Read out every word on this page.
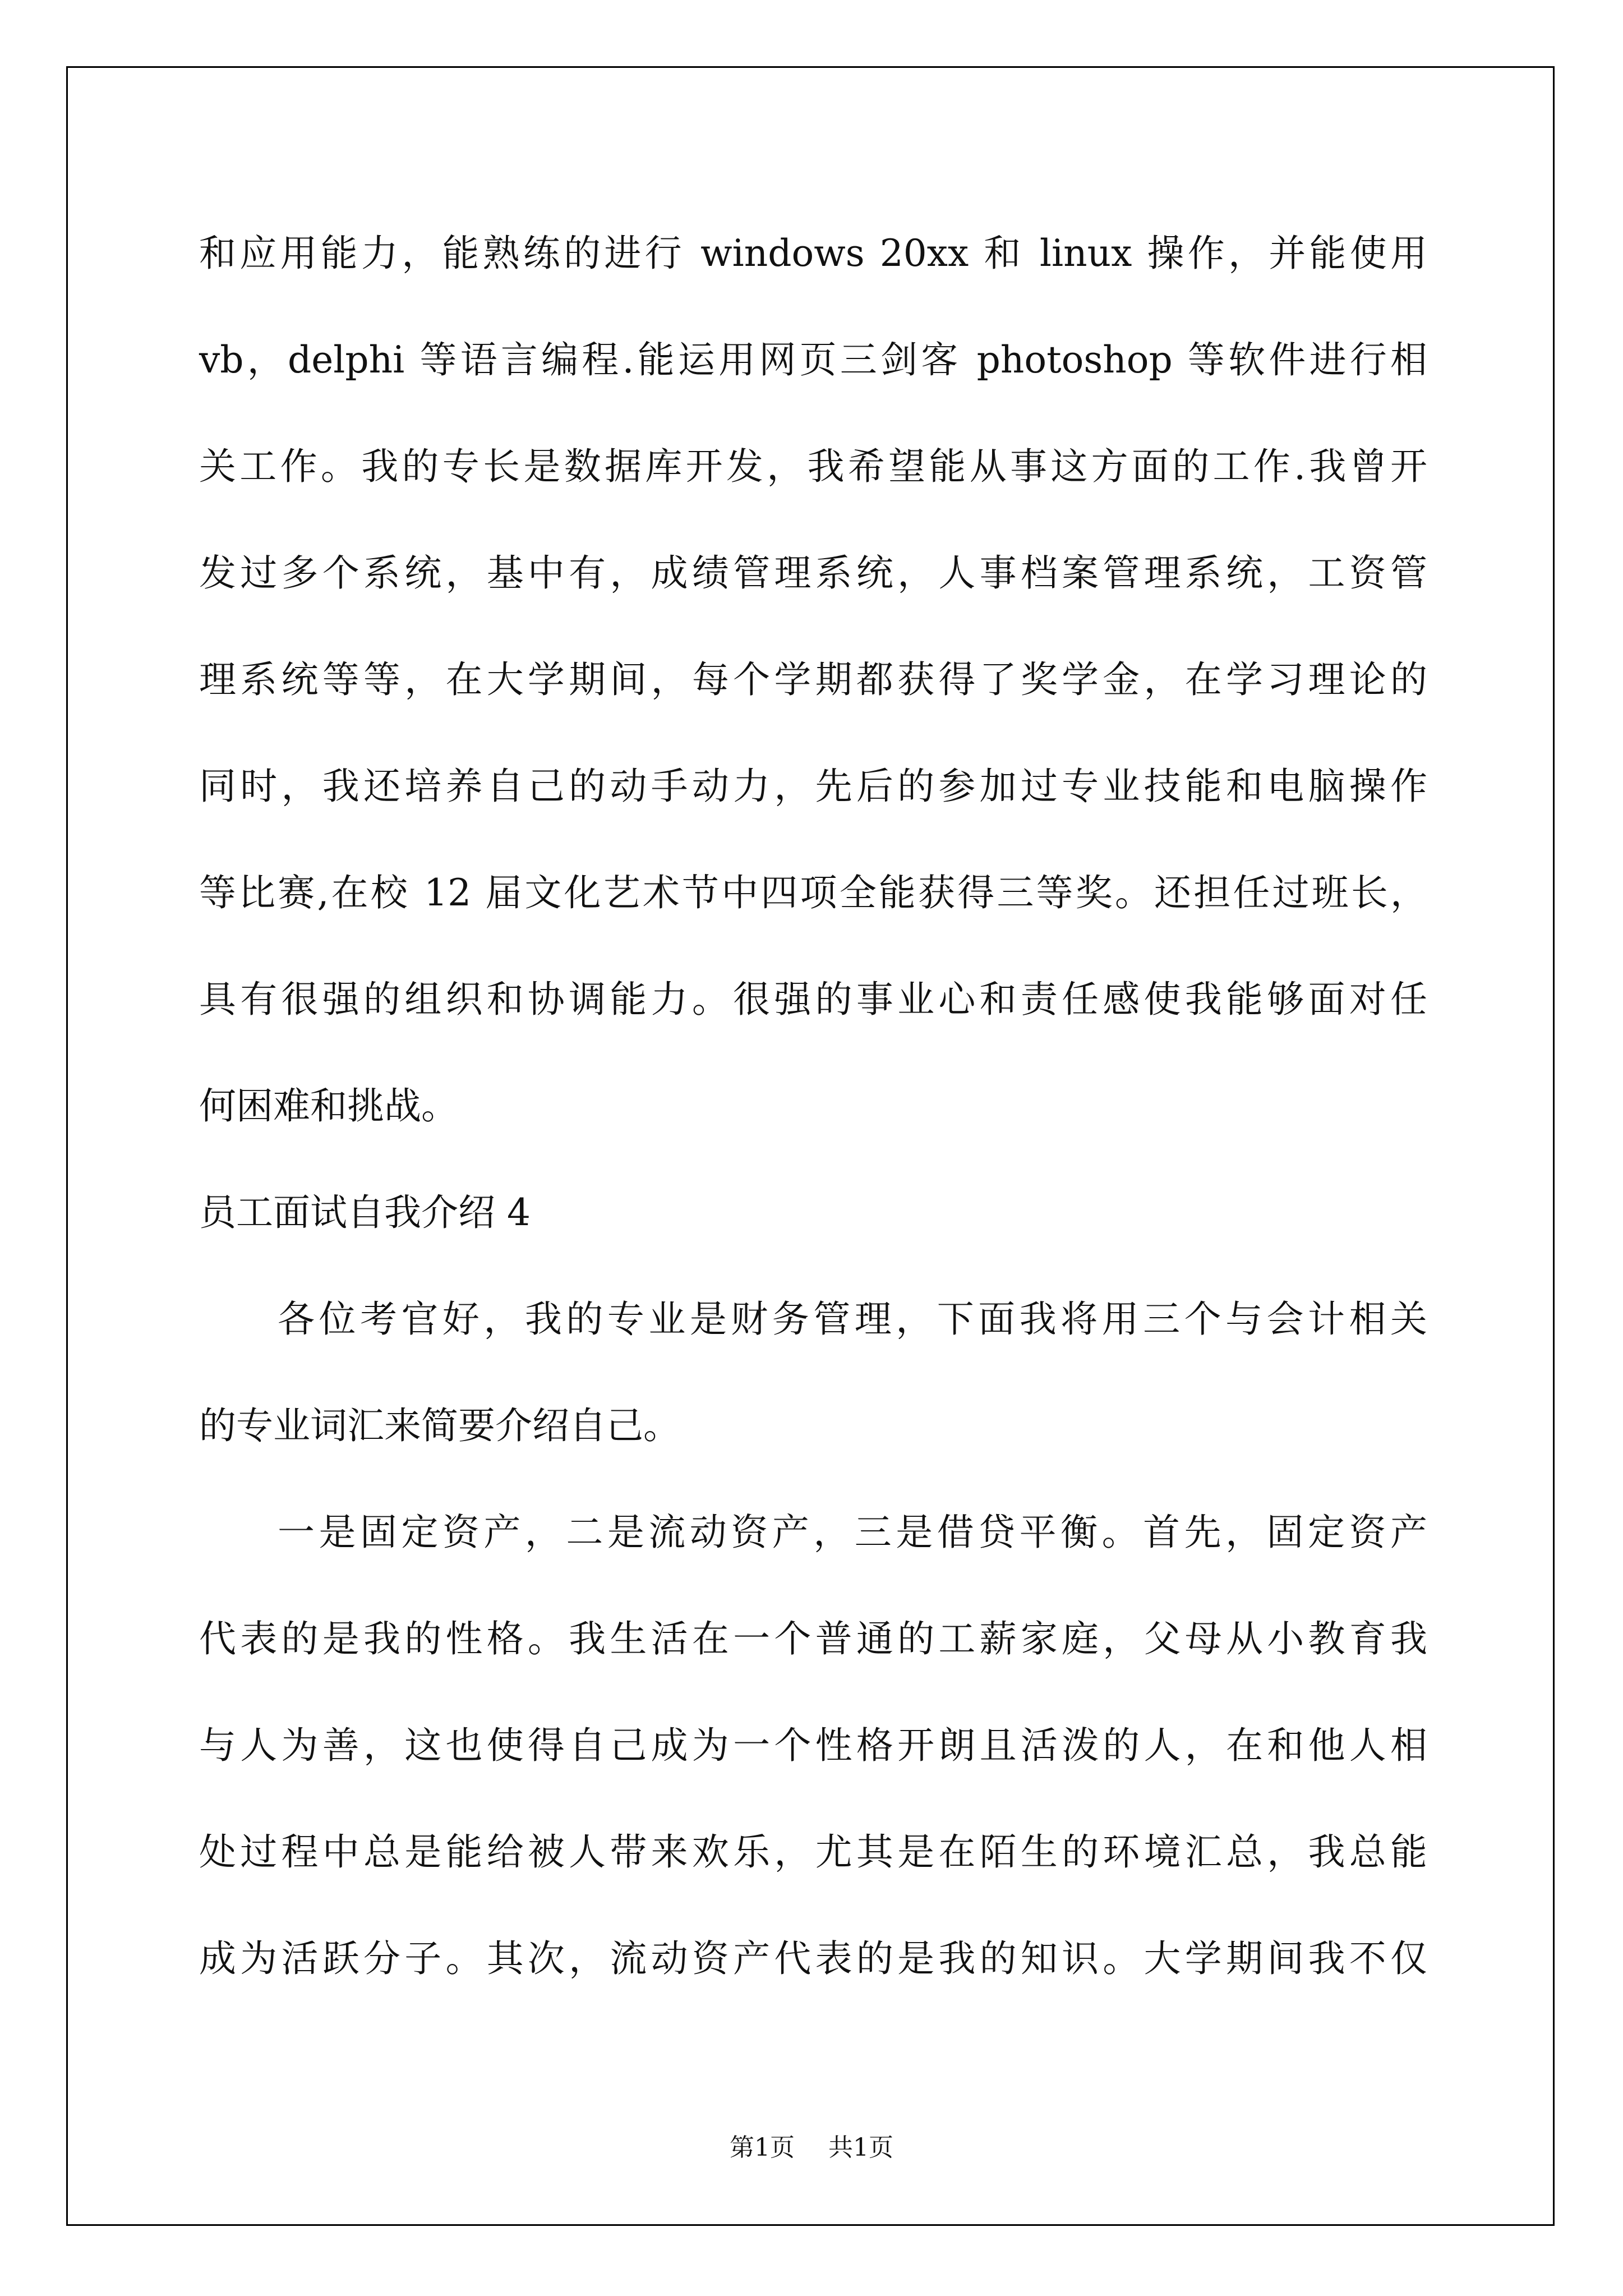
和应用能力，能熟练的进行 windows 20xx 和 linux 操作，并能使用
vb，delphi 等语言编程.能运用网页三剑客 photoshop 等软件进行相
关工作。我的专长是数据库开发，我希望能从事这方面的工作.我曾开
发过多个系统，基中有，成绩管理系统，人事档案管理系统，工资管
理系统等等，在大学期间，每个学期都获得了奖学金，在学习理论的
同时，我还培养自己的动手动力，先后的参加过专业技能和电脑操作
等比赛,在校 12 届文化艺术节中四项全能获得三等奖。还担任过班长，
具有很强的组织和协调能力。很强的事业心和责任感使我能够面对任
何困难和挑战。
员工面试自我介绍 4
各位考官好，我的专业是财务管理，下面我将用三个与会计相关
的专业词汇来简要介绍自己。
一是固定资产，二是流动资产，三是借贷平衡。首先，固定资产
代表的是我的性格。我生活在一个普通的工薪家庭，父母从小教育我
与人为善，这也使得自己成为一个性格开朗且活泼的人，在和他人相
处过程中总是能给被人带来欢乐，尤其是在陌生的环境汇总，我总能
成为活跃分子。其次，流动资产代表的是我的知识。大学期间我不仅
第1页 共1页
